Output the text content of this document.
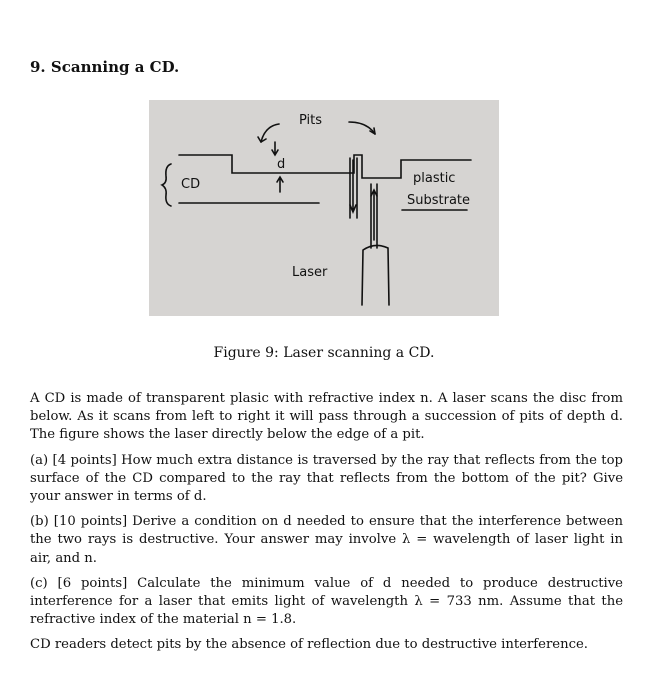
9. Scanning a CD.
Pits
CD
d
plastic
Substrate
Laser
Figure 9: Laser scanning a CD.

A CD is made of transparent plasic with refractive index n. A laser scans the disc from below. As it scans from left to right it will pass through a succession of pits of depth d. The figure shows the laser directly below the edge of a pit.

(a) [4 points] How much extra distance is traversed by the ray that reflects from the top surface of the CD compared to the ray that reflects from the bottom of the pit? Give your answer in terms of d.

(b) [10 points] Derive a condition on d needed to ensure that the interference between the two rays is destructive. Your answer may involve λ = wavelength of laser light in air, and n.

(c) [6 points] Calculate the minimum value of d needed to produce destructive interference for a laser that emits light of wavelength λ = 733 nm. Assume that the refractive index of the material n = 1.8.

CD readers detect pits by the absence of reflection due to destructive interference.
